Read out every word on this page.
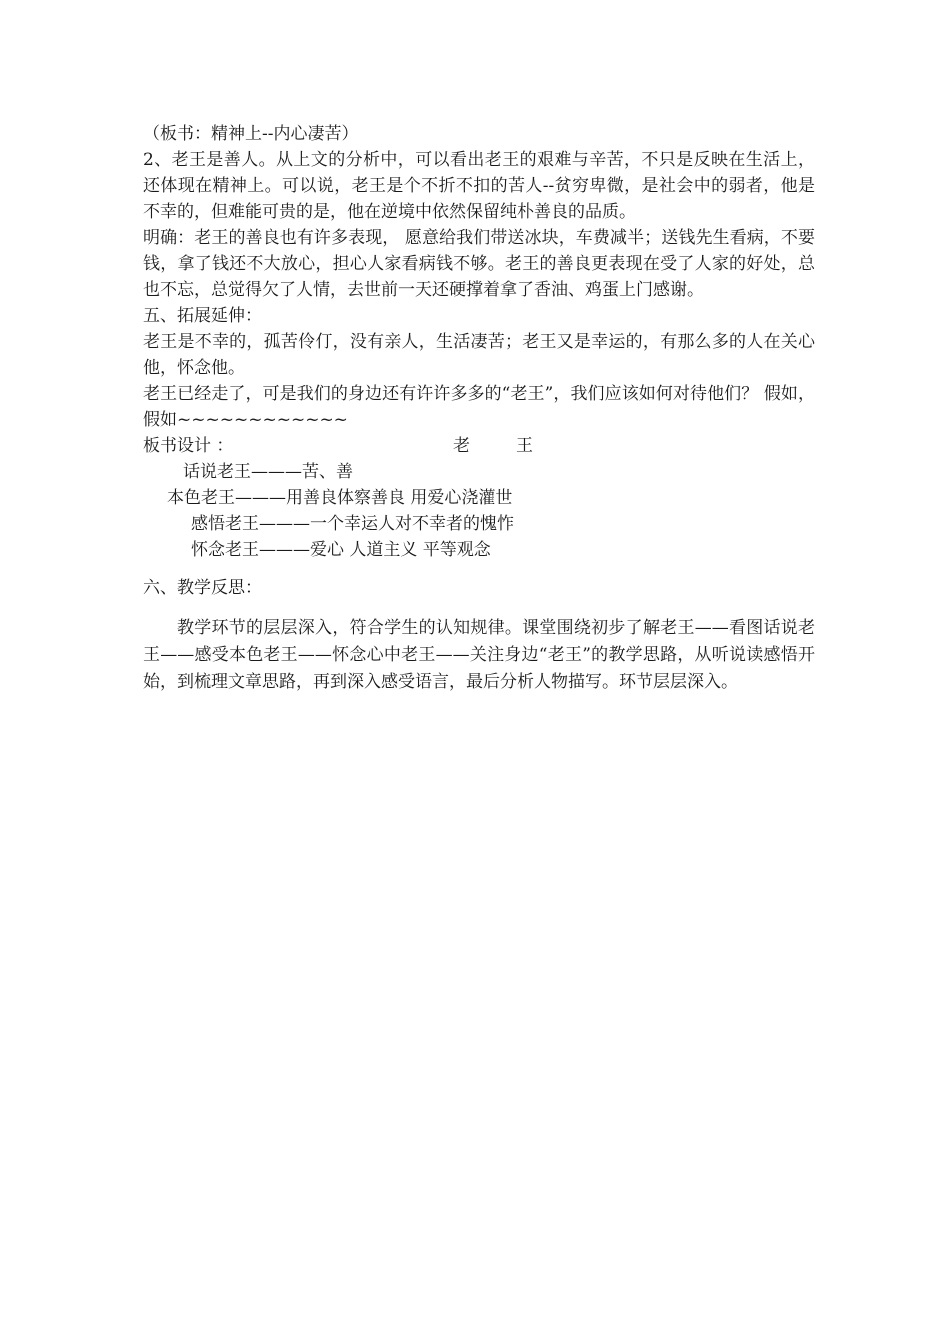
（板书：精神上--内心凄苦）

2、老王是善人。从上文的分析中，可以看出老王的艰难与辛苦，不只是反映在生活上，还体现在精神上。可以说，老王是个不折不扣的苦人--贫穷卑微，是社会中的弱者，他是不幸的，但难能可贵的是，他在逆境中依然保留纯朴善良的品质。

明确：老王的善良也有许多表现， 愿意给我们带送冰块，车费减半；送钱先生看病，不要钱，拿了钱还不大放心，担心人家看病钱不够。老王的善良更表现在受了人家的好处，总也不忘，总觉得欠了人情，去世前一天还硬撑着拿了香油、鸡蛋上门感谢。

五、拓展延伸：

老王是不幸的，孤苦伶仃，没有亲人，生活凄苦；老王又是幸运的，有那么多的人在关心他，怀念他。

老王已经走了，可是我们的身边还有许许多多的“老王”，我们应该如何对待他们？ 假如，假如~~~~~~~~~~~~

板书设计 ：	老	王
话说老王———苦、善
本色老王———用善良体察善良 用爱心浇灌世
感悟老王———一个幸运人对不幸者的愧怍
怀念老王———爱心 人道主义 平等观念

六、教学反思：

教学环节的层层深入，符合学生的认知规律。课堂围绕初步了解老王——看图话说老王——感受本色老王——怀念心中老王——关注身边“老王”的教学思路，从听说读感悟开始，到梳理文章思路，再到深入感受语言，最后分析人物描写。环节层层深入。
